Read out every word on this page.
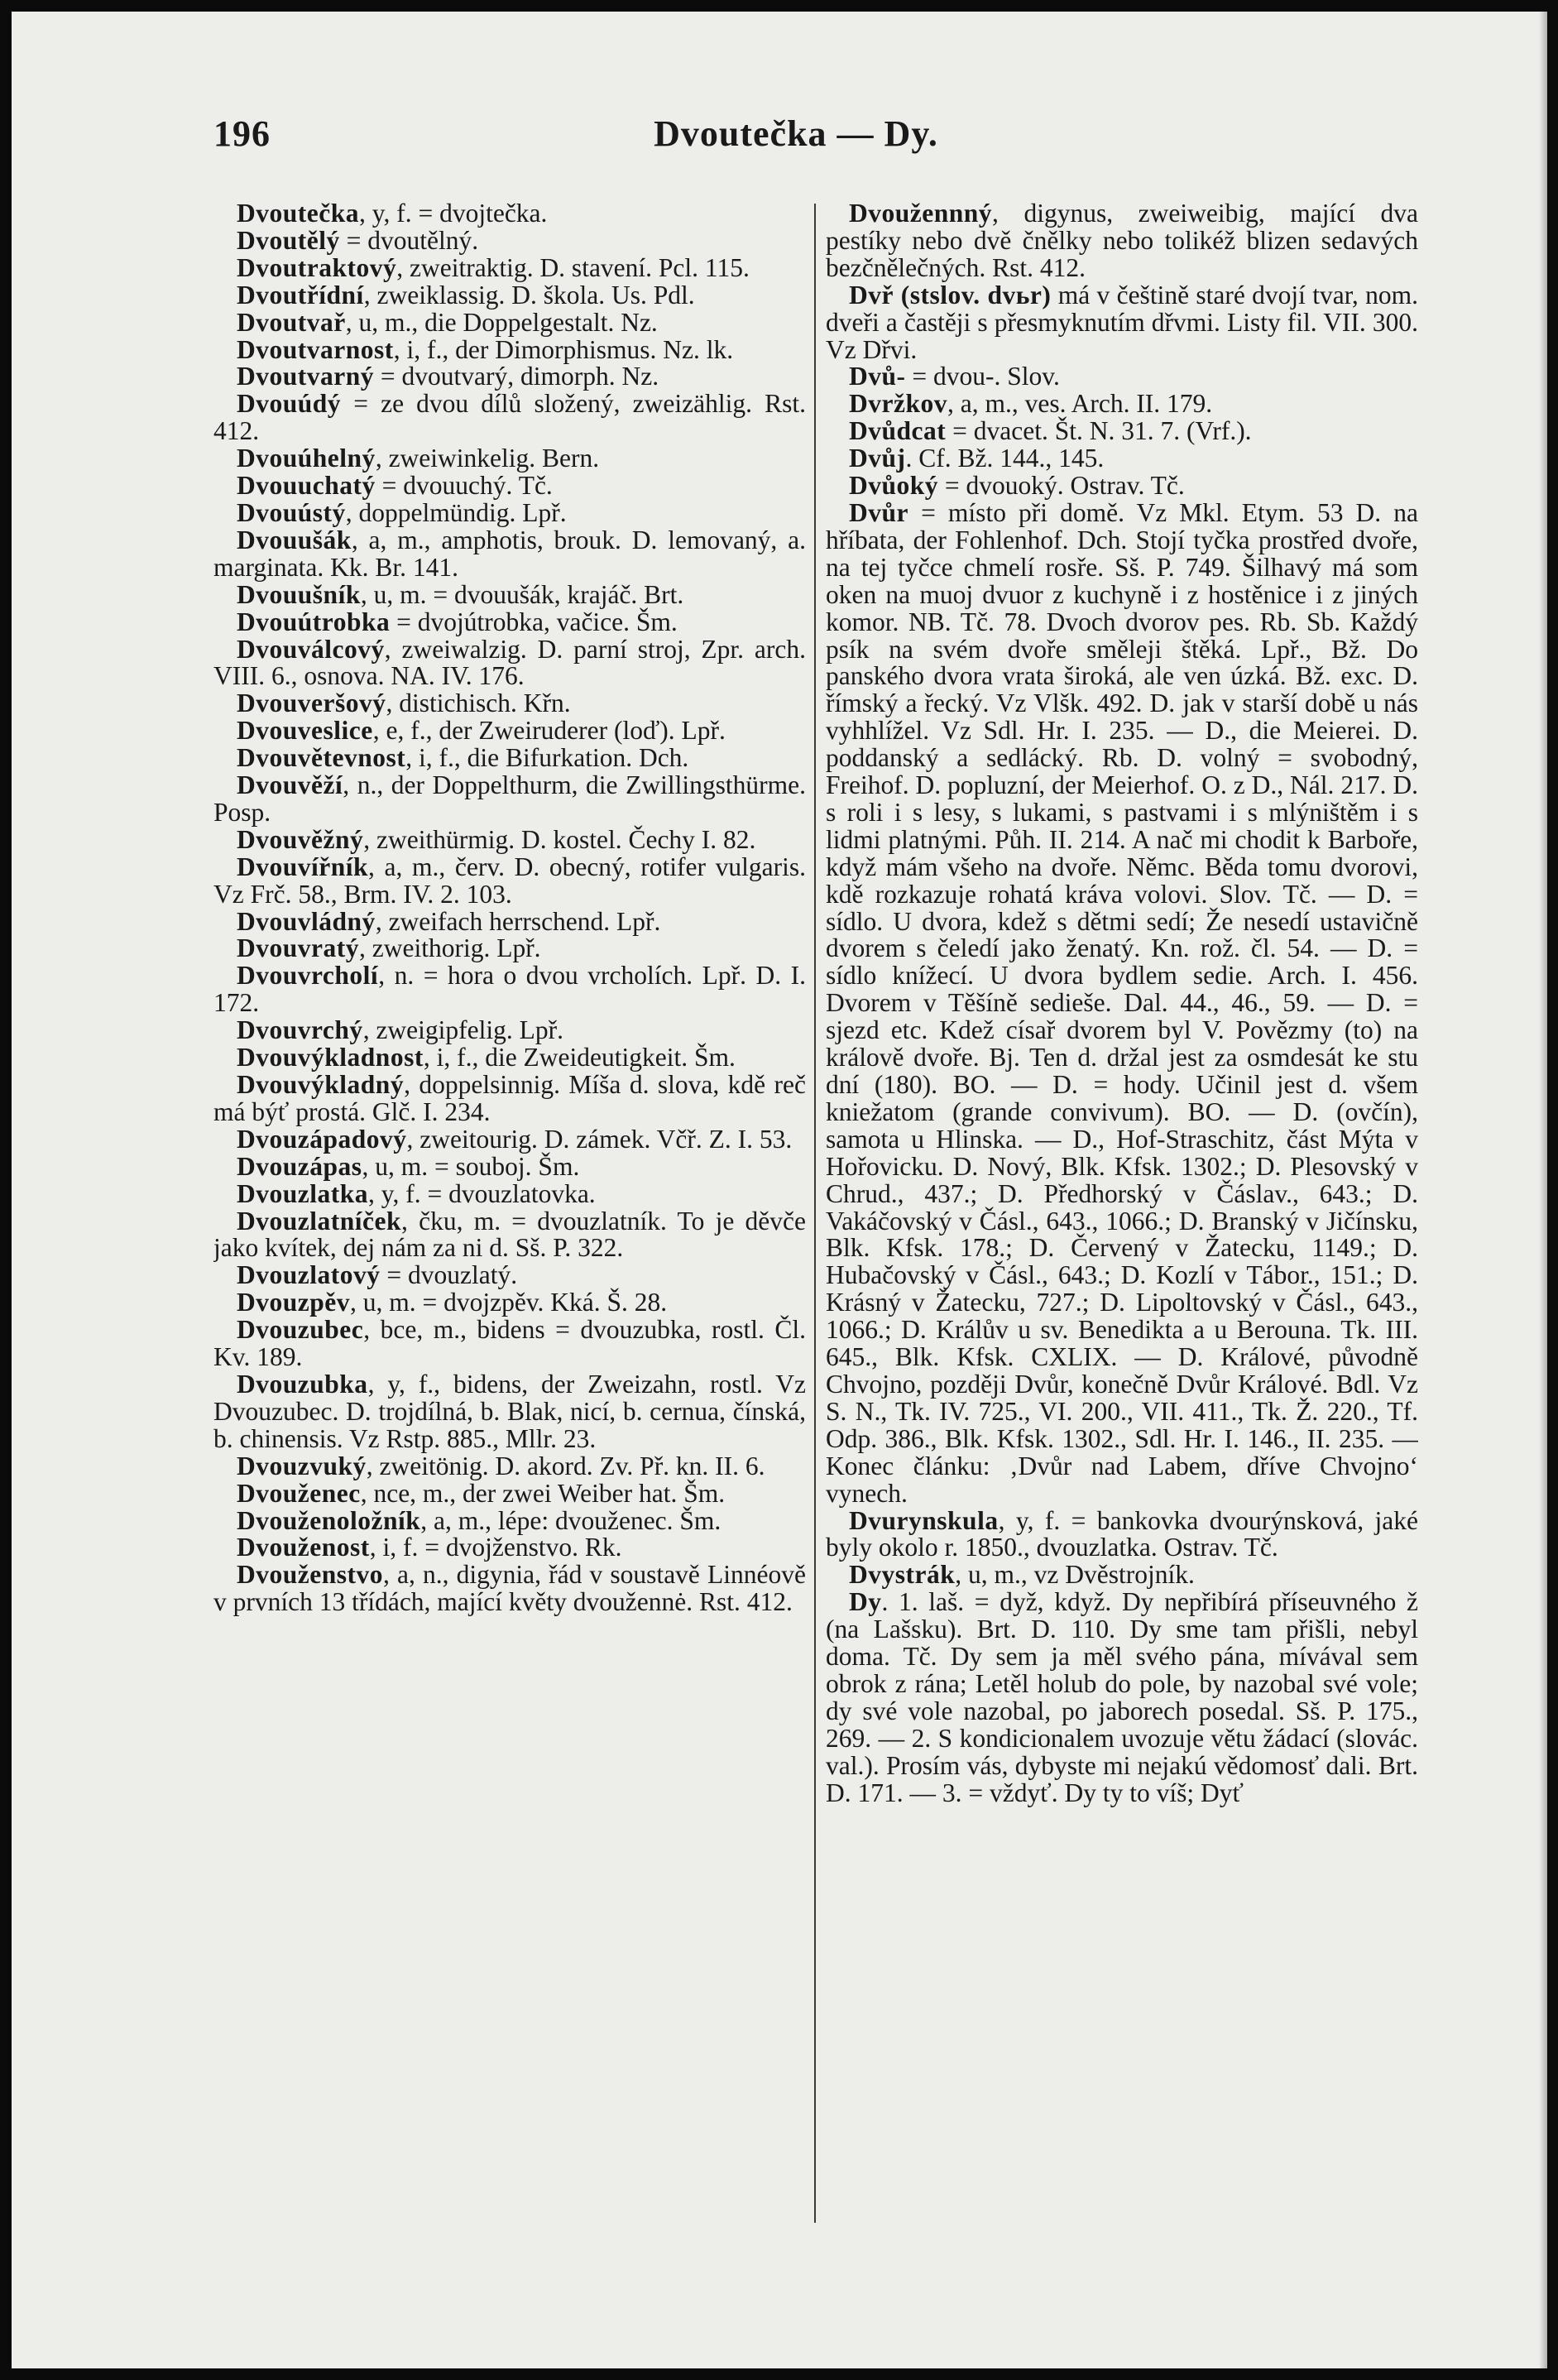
196	Dvoutečka — Dy.

Dvoutečka, y, f. = dvojtečka.

Dvoutělý = dvoutělný.

Dvoutraktový, zweitraktig. D. stavení. Pcl. 115.

Dvoutřídní, zweiklassig. D. škola. Us. Pdl.

Dvoutvař, u, m., die Doppelgestalt. Nz.

Dvoutvarnost, i, f., der Dimorphismus. Nz. lk.

Dvoutvarný = dvoutvarý, dimorph. Nz.

Dvouúdý = ze dvou dílů složený, zweizählig. Rst. 412.

Dvouúhelný, zweiwinkelig. Bern.

Dvouuchatý = dvouuchý. Tč.

Dvouústý, doppelmündig. Lpř.

Dvouušák, a, m., amphotis, brouk. D. lemovaný, a. marginata. Kk. Br. 141.

Dvouušník, u, m. = dvouušák, krajáč. Brt.

Dvouútrobka = dvojútrobka, vačice. Šm.

Dvouválcový, zweiwalzig. D. parní stroj, Zpr. arch. VIII. 6., osnova. NA. IV. 176.

Dvouveršový, distichisch. Křn.

Dvouveslice, e, f., der Zweiruderer (loď). Lpř.

Dvouvětevnost, i, f., die Bifurkation. Dch.

Dvouvěží, n., der Doppelthurm, die Zwillingsthürme. Posp.

Dvouvěžný, zweithürmig. D. kostel. Čechy I. 82.

Dvouvířník, a, m., červ. D. obecný, rotifer vulgaris. Vz Frč. 58., Brm. IV. 2. 103.

Dvouvládný, zweifach herrschend. Lpř.

Dvouvratý, zweithorig. Lpř.

Dvouvrcholí, n. = hora o dvou vrcholích. Lpř. D. I. 172.

Dvouvrchý, zweigipfelig. Lpř.

Dvouvýkladnost, i, f., die Zweideutigkeit. Šm.

Dvouvýkladný, doppelsinnig. Míša d. slova, kdě reč má býť prostá. Glč. I. 234.

Dvouzápadový, zweitourig. D. zámek. Včř. Z. I. 53.

Dvouzápas, u, m. = souboj. Šm.

Dvouzlatka, y, f. = dvouzlatovka.

Dvouzlatníček, čku, m. = dvouzlatník. To je děvče jako kvítek, dej nám za ni d. Sš. P. 322.

Dvouzlatový = dvouzlatý.

Dvouzpěv, u, m. = dvojzpěv. Kká. Š. 28.

Dvouzubec, bce, m., bidens = dvouzubka, rostl. Čl. Kv. 189.

Dvouzubka, y, f., bidens, der Zweizahn, rostl. Vz Dvouzubec. D. trojdílná, b. Blak, nicí, b. cernua, čínská, b. chinensis. Vz Rstp. 885., Mllr. 23.

Dvouzvuký, zweitönig. D. akord. Zv. Př. kn. II. 6.

Dvouženec, nce, m., der zwei Weiber hat. Šm.

Dvouženoložník, a, m., lépe: dvouženec. Šm.

Dvouženost, i, f. = dvojženstvo. Rk.

Dvouženstvo, a, n., digynia, řád v soustavě Linnéově v prvních 13 třídách, mající květy dvoužennė. Rst. 412.

Dvoužennný, digynus, zweiweibig, mající dva pestíky nebo dvě čnělky nebo tolikéž blizen sedavých bezčnělečných. Rst. 412.

Dvř (stslov. dvьr) má v češtině staré dvojí tvar, nom. dveři a častěji s přesmyknutím dřvmi. Listy fil. VII. 300. Vz Dřvi.

Dvů- = dvou-. Slov.

Dvržkov, a, m., ves. Arch. II. 179.

Dvůdcat = dvacet. Št. N. 31. 7. (Vrf.).

Dvůj. Cf. Bž. 144., 145.

Dvůoký = dvouoký. Ostrav. Tč.

Dvůr = místo při domě. Vz Mkl. Etym. 53 D. na hříbata, der Fohlenhof. Dch. Stojí tyčka prostřed dvoře, na tej tyčce chmelí rosře. Sš. P. 749. Šilhavý má som oken na muoj dvuor z kuchyně i z hostěnice i z jiných komor. NB. Tč. 78. Dvoch dvorov pes. Rb. Sb. Každý psík na svém dvoře směleji štěká. Lpř., Bž. Do panského dvora vrata široká, ale ven úzká. Bž. exc. D. římský a řecký. Vz Vlšk. 492. D. jak v starší době u nás vyhhlížel. Vz Sdl. Hr. I. 235. — D., die Meierei. D. poddanský a sedlácký. Rb. D. volný = svobodný, Freihof. D. popluzní, der Meierhof. O. z D., Nál. 217. D. s roli i s lesy, s lukami, s pastvami i s mlýništěm i s lidmi platnými. Půh. II. 214. A nač mi chodit k Barboře, když mám všeho na dvoře. Němc. Běda tomu dvorovi, kdě rozkazuje rohatá kráva volovi. Slov. Tč. — D. = sídlo. U dvora, kdež s dětmi sedí; Že nesedí ustavičně dvorem s čeledí jako ženatý. Kn. rož. čl. 54. — D. = sídlo knížecí. U dvora bydlem sedie. Arch. I. 456. Dvorem v Těšíně sedieše. Dal. 44., 46., 59. — D. = sjezd etc. Kdež císař dvorem byl V. Povězmy (to) na králově dvoře. Bj. Ten d. držal jest za osmdesát ke stu dní (180). BO. — D. = hody. Učinil jest d. všem kniežatom (grande convivum). BO. — D. (ovčín), samota u Hlinska. — D., Hof-Straschitz, část Mýta v Hořovicku. D. Nový, Blk. Kfsk. 1302.; D. Plesovský v Chrud., 437.; D. Předhorský v Čáslav., 643.; D. Vakáčovský v Čásl., 643., 1066.; D. Branský v Jičínsku, Blk. Kfsk. 178.; D. Červený v Žatecku, 1149.; D. Hubačovský v Čásl., 643.; D. Kozlí v Tábor., 151.; D. Krásný v Žatecku, 727.; D. Lipoltovský v Čásl., 643., 1066.; D. Králův u sv. Benedikta a u Berouna. Tk. III. 645., Blk. Kfsk. CXLIX. — D. Králové, původně Chvojno, později Dvůr, konečně Dvůr Králové. Bdl. Vz S. N., Tk. IV. 725., VI. 200., VII. 411., Tk. Ž. 220., Tf. Odp. 386., Blk. Kfsk. 1302., Sdl. Hr. I. 146., II. 235. — Konec článku: ‚Dvůr nad Labem, dříve Chvojno‘ vynech.

Dvurynskula, y, f. = bankovka dvourýnsková, jaké byly okolo r. 1850., dvouzlatka. Ostrav. Tč.

Dvystrák, u, m., vz Dvěstrojník.

Dy. 1. laš. = dyž, když. Dy nepřibírá příseuvného ž (na Lašsku). Brt. D. 110. Dy sme tam přišli, nebyl doma. Tč. Dy sem ja měl svého pána, mívával sem obrok z rána; Letěl holub do pole, by nazobal své vole; dy své vole nazobal, po jaborech posedal. Sš. P. 175., 269. — 2. S kondicionalem uvozuje větu žádací (slovác. val.). Prosím vás, dybyste mi nejakú vědomosť dali. Brt. D. 171. — 3. = vždyť. Dy ty to víš; Dyť
